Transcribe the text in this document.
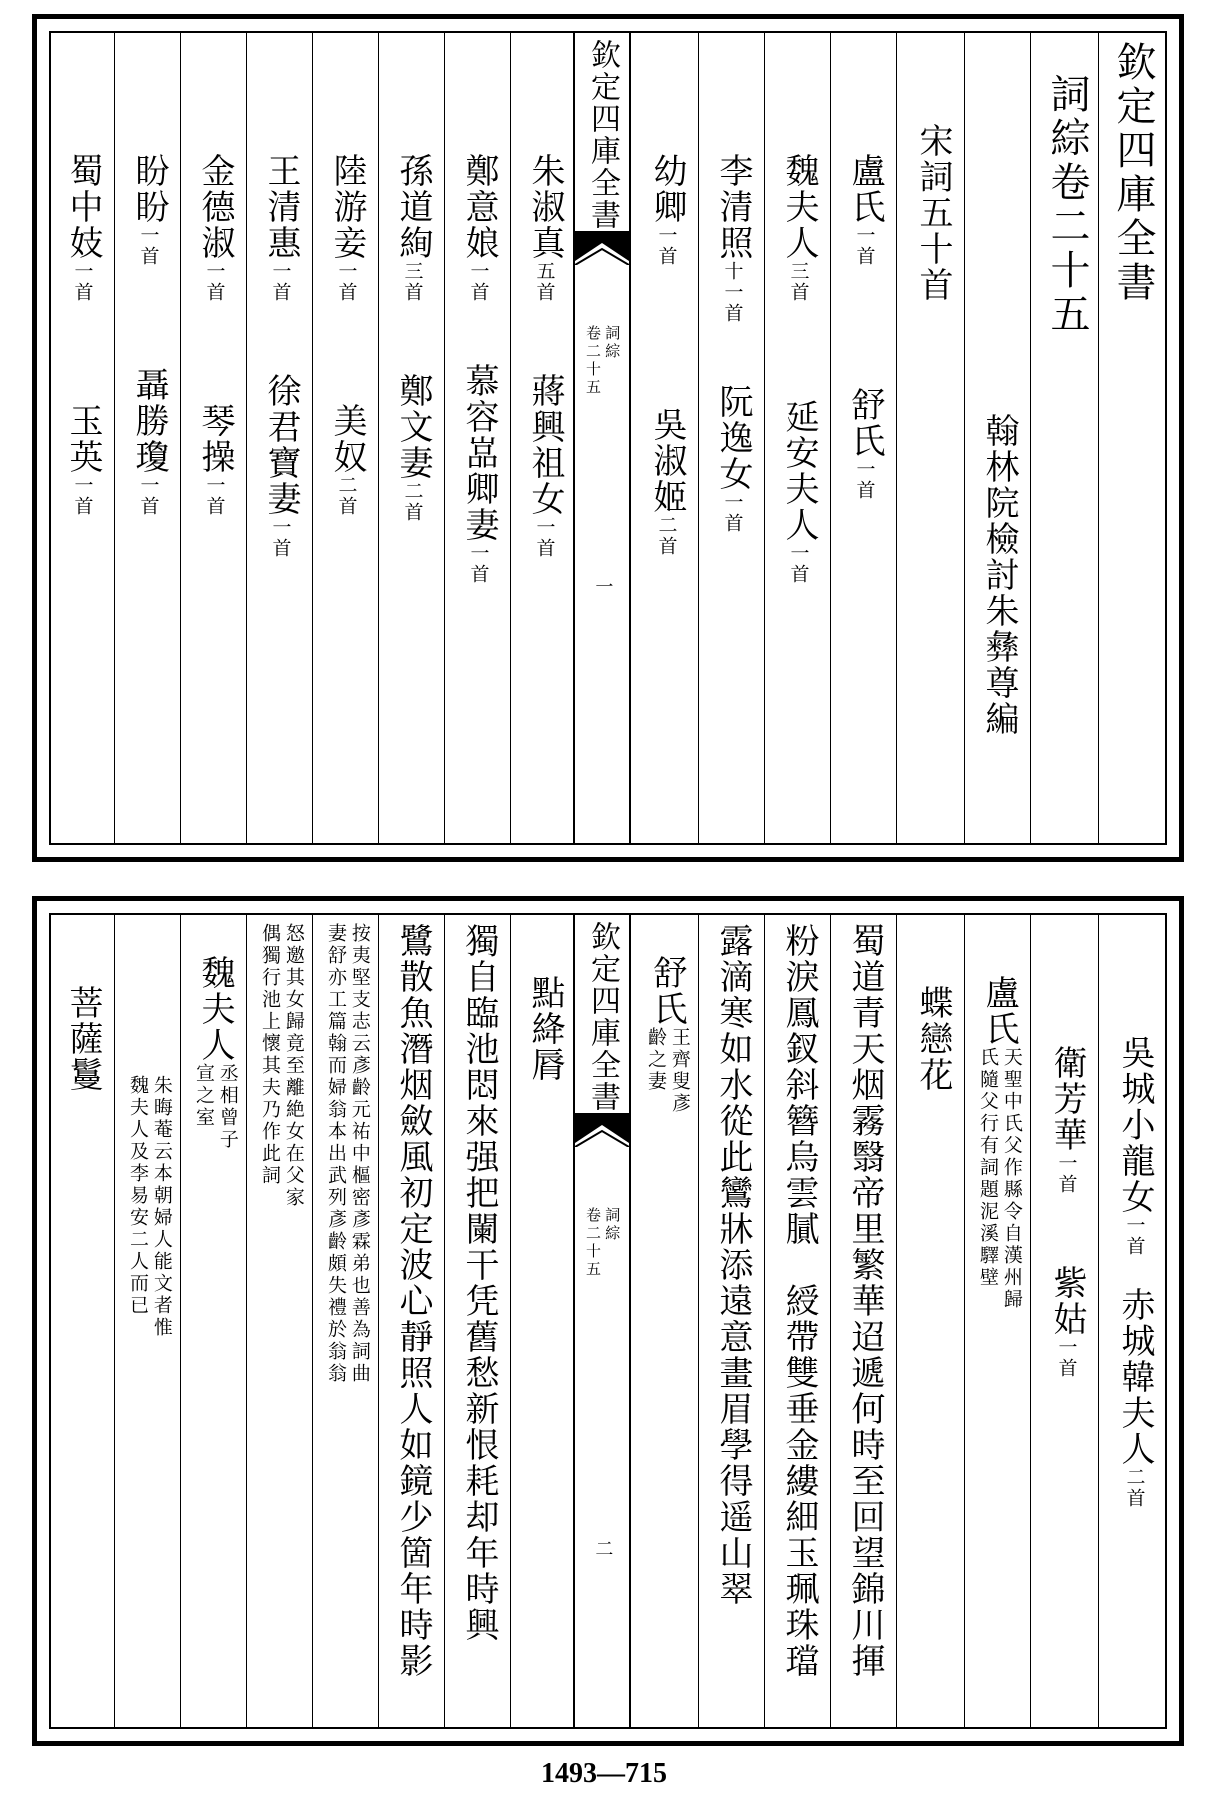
欽定四庫全書
詞綜卷二十五
翰林院檢討朱彝尊編
宋詞五十首
盧氏
一首
舒氏
一首
魏夫人
三首
延安夫人
一首
李清照
十一首
阮逸女
一首
幼卿
一首
吳淑姬
二首
欽定四庫全書
詞綜
卷二十五
一
朱淑真
五首
蔣興祖女
一首
鄭意娘
一首
慕容嵓卿妻
一首
孫道絢
三首
鄭文妻
二首
陸游妾
一首
美奴
二首
王清惠
一首
徐君寶妻
一首
金德淑
一首
琴操
一首
盼盼
一首
聶勝瓊
一首
蜀中妓
一首
玉英
一首
吳城小龍女
一首
赤城韓夫人
二首
衛芳華
一首
紫姑
一首
盧氏
天聖中氏父作縣令自漢州歸
氏隨父行有詞題泥溪驛壁
蝶戀花
蜀道青天烟霧翳帝里繁華迢遞何時至回望錦川揮
粉淚鳳釵斜簪烏雲膩　綬帶雙垂金縷細玉珮珠璫
露滴寒如水從此鸞牀添遠意畫眉學得遥山翠
舒氏
王齊叟彥
齡之妻
欽定四庫全書
詞綜
卷二十五
二
點絳脣
獨自臨池悶來强把闌干凭舊愁新恨耗却年時興
鷺散魚潛烟斂風初定波心靜照人如鏡少箇年時影
按夷堅支志云彥齡元祐中樞密彥霖弟也善為詞曲
妻舒亦工篇翰而婦翁本出武列彥齡頗失禮於翁翁
怒邀其女歸竟至離絶女在父家
偶獨行池上懷其夫乃作此詞
魏夫人
丞相曾子
宣之室
朱晦菴云本朝婦人能文者惟
魏夫人及李易安二人而已
菩薩鬘
1493—715
